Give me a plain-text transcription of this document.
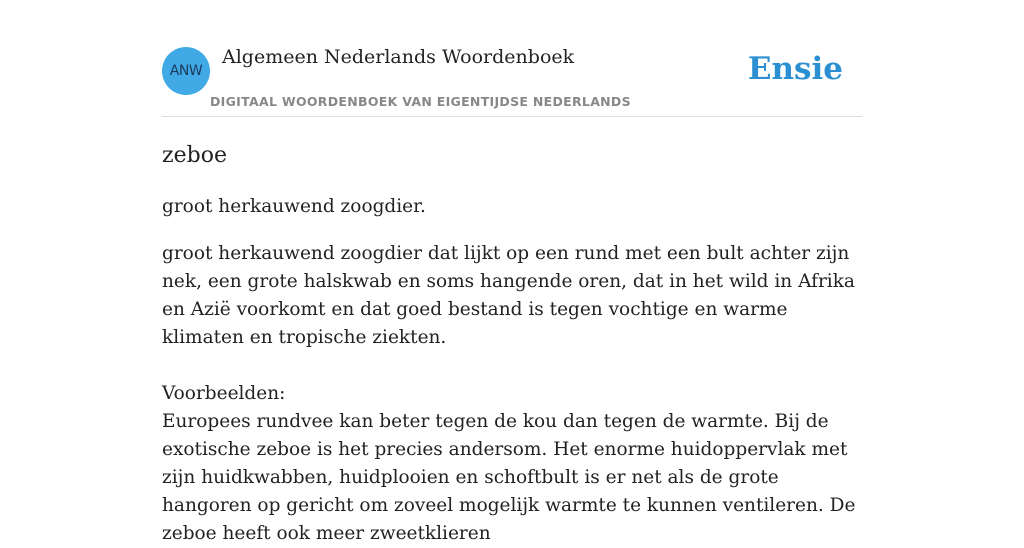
ANW
Algemeen Nederlands Woordenboek
DIGITAAL WOORDENBOEK VAN EIGENTIJDSE NEDERLANDS
Ensie
zeboe

groot herkauwend zoogdier.

groot herkauwend zoogdier dat lijkt op een rund met een bult achter zijn nek, een grote halskwab en soms hangende oren, dat in het wild in Afrika en Azië voorkomt en dat goed bestand is tegen vochtige en warme klimaten en tropische ziekten.

Voorbeelden:

Europees rundvee kan beter tegen de kou dan tegen de warmte. Bij de exotische zeboe is het precies andersom. Het enorme huidoppervlak met zijn huidkwabben, huidplooien en schoftbult is er net als de grote hangoren op gericht om zoveel mogelijk warmte te kunnen ventileren. De zeboe heeft ook meer zweetklieren
